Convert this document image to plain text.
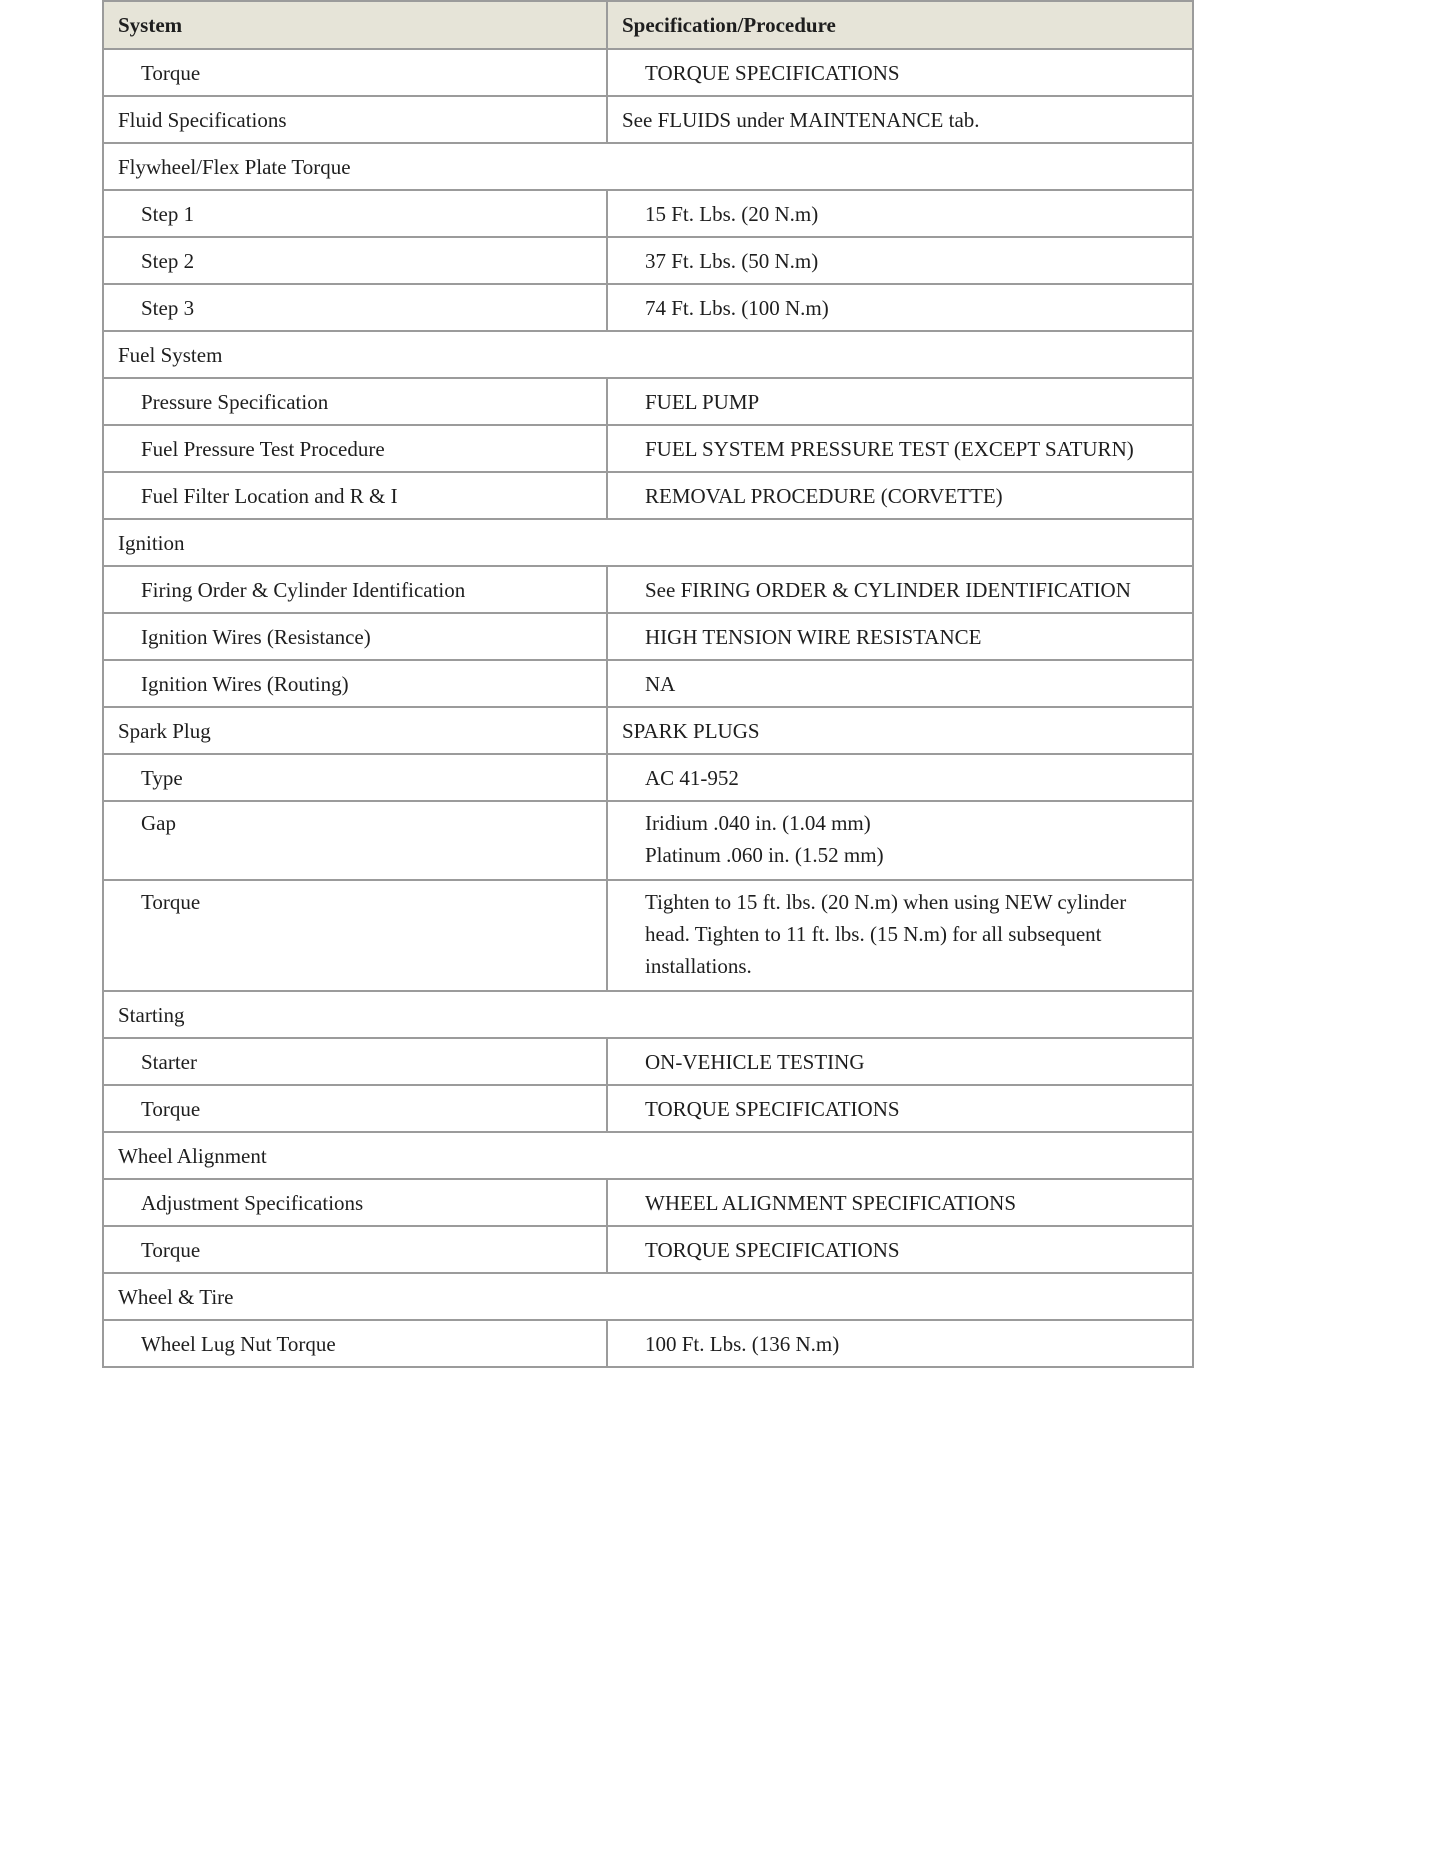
System	Specification/Procedure
Torque	TORQUE SPECIFICATIONS

Fluid Specifications	See FLUIDS under MAINTENANCE tab.

Flywheel/Flex Plate Torque	
Step 1	15 Ft. Lbs. (20 N.m)

Step 2	37 Ft. Lbs. (50 N.m)

Step 3	74 Ft. Lbs. (100 N.m)

Fuel System	
Pressure Specification	FUEL PUMP

Fuel Pressure Test Procedure	FUEL SYSTEM PRESSURE TEST (EXCEPT SATURN)

Fuel Filter Location and R & I	REMOVAL PROCEDURE (CORVETTE)

Ignition	
Firing Order & Cylinder Identification	See FIRING ORDER & CYLINDER IDENTIFICATION

Ignition Wires (Resistance)	HIGH TENSION WIRE RESISTANCE

Ignition Wires (Routing)	NA

Spark Plug	SPARK PLUGS

Type	AC 41-952

Gap	Iridium .040 in. (1.04 mm)
Platinum .060 in. (1.52 mm)

Torque	Tighten to 15 ft. lbs. (20 N.m) when using NEW cylinder
head. Tighten to 11 ft. lbs. (15 N.m) for all subsequent
installations.

Starting	
Starter	ON-VEHICLE TESTING

Torque	TORQUE SPECIFICATIONS

Wheel Alignment	
Adjustment Specifications	WHEEL ALIGNMENT SPECIFICATIONS

Torque	TORQUE SPECIFICATIONS

Wheel & Tire	
Wheel Lug Nut Torque	100 Ft. Lbs. (136 N.m)
